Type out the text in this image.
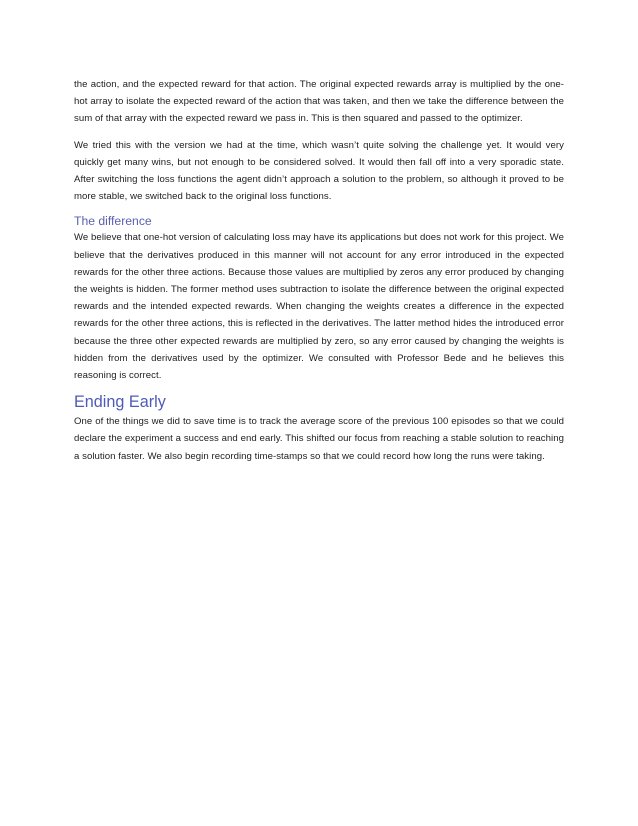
the action, and the expected reward for that action. The original expected rewards array is multiplied by the one-hot array to isolate the expected reward of the action that was taken, and then we take the difference between the sum of that array with the expected reward we pass in. This is then squared and passed to the optimizer.

We tried this with the version we had at the time, which wasn’t quite solving the challenge yet. It would very quickly get many wins, but not enough to be considered solved. It would then fall off into a very sporadic state. After switching the loss functions the agent didn’t approach a solution to the problem, so although it proved to be more stable, we switched back to the original loss functions.

The difference

We believe that one-hot version of calculating loss may have its applications but does not work for this project. We believe that the derivatives produced in this manner will not account for any error introduced in the expected rewards for the other three actions. Because those values are multiplied by zeros any error produced by changing the weights is hidden. The former method uses subtraction to isolate the difference between the original expected rewards and the intended expected rewards. When changing the weights creates a difference in the expected rewards for the other three actions, this is reflected in the derivatives. The latter method hides the introduced error because the three other expected rewards are multiplied by zero, so any error caused by changing the weights is hidden from the derivatives used by the optimizer. We consulted with Professor Bede and he believes this reasoning is correct.

Ending Early

One of the things we did to save time is to track the average score of the previous 100 episodes so that we could declare the experiment a success and end early. This shifted our focus from reaching a stable solution to reaching a solution faster. We also begin recording time-stamps so that we could record how long the runs were taking.
